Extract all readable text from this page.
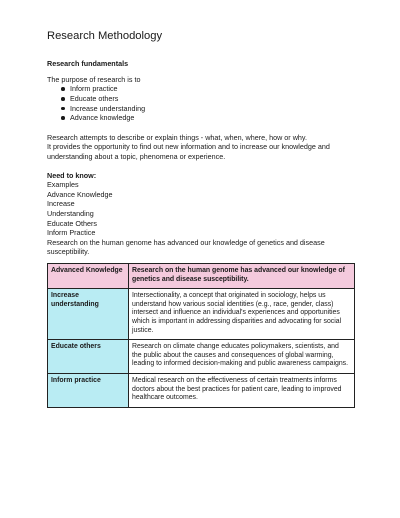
Research Methodology
Research fundamentals

The purpose of research is to

Inform practice
Educate others
Increase understanding
Advance knowledge

Research attempts to describe or explain things - what, when, where, how or why.

It provides the opportunity to find out new information and to increase our knowledge and

understanding about a topic, phenomena or experience.

Need to know:

Examples

Advance Knowledge

Increase

Understanding

Educate Others

Inform Practice

Research on the human genome has advanced our knowledge of genetics and disease

susceptibility.

Advanced Knowledge	Research on the human genome has advanced our knowledge of genetics and disease susceptibility.
Increase understanding	Intersectionality, a concept that originated in sociology, helps us understand how various social identities (e.g., race, gender, class) intersect and influence an individual's experiences and opportunities which is important in addressing disparities and advocating for social justice.
Educate others	Research on climate change educates policymakers, scientists, and the public about the causes and consequences of global warming, leading to informed decision-making and public awareness campaigns.
Inform practice	Medical research on the effectiveness of certain treatments informs doctors about the best practices for patient care, leading to improved healthcare outcomes.
